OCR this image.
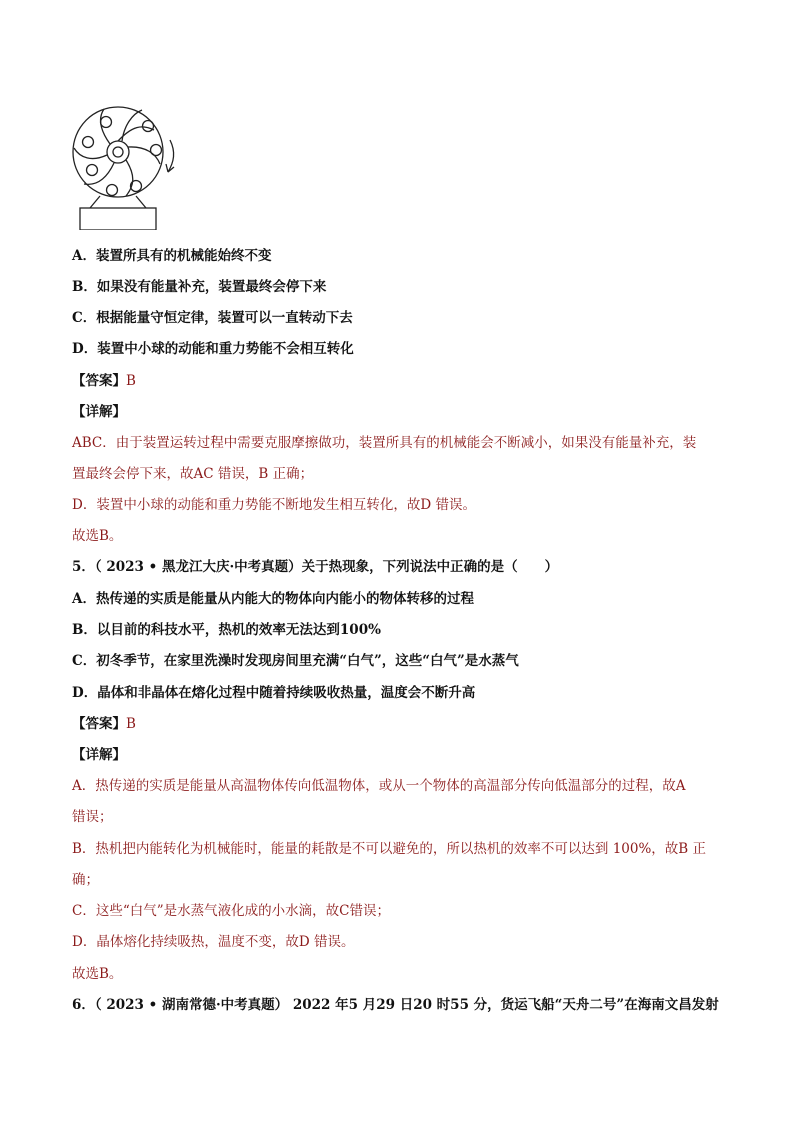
A．装置所具有的机械能始终不变
B．如果没有能量补充，装置最终会停下来
C．根据能量守恒定律，装置可以一直转动下去
D．装置中小球的动能和重力势能不会相互转化
【答案】B
【详解】
ABC．由于装置运转过程中需要克服摩擦做功，装置所具有的机械能会不断减小，如果没有能量补充，装
置最终会停下来，故AC 错误，B 正确；
D．装置中小球的动能和重力势能不断地发生相互转化，故D 错误。
故选B。
5．（ 2023 • 黑龙江大庆·中考真题）关于热现象，下列说法中正确的是（　　）
A．热传递的实质是能量从内能大的物体向内能小的物体转移的过程
B．以目前的科技水平，热机的效率无法达到100%
C．初冬季节，在家里洗澡时发现房间里充满“白气”，这些“白气”是水蒸气
D．晶体和非晶体在熔化过程中随着持续吸收热量，温度会不断升高
【答案】B
【详解】
A．热传递的实质是能量从高温物体传向低温物体，或从一个物体的高温部分传向低温部分的过程，故A
错误；
B．热机把内能转化为机械能时，能量的耗散是不可以避免的，所以热机的效率不可以达到 100%，故B 正
确；
C．这些“白气”是水蒸气液化成的小水滴，故C错误；
D．晶体熔化持续吸热，温度不变，故D 错误。
故选B。
6．（ 2023 • 湖南常德·中考真题） 2022 年5 月29 日20 时55 分，货运飞船“天舟二号”在海南文昌发射
